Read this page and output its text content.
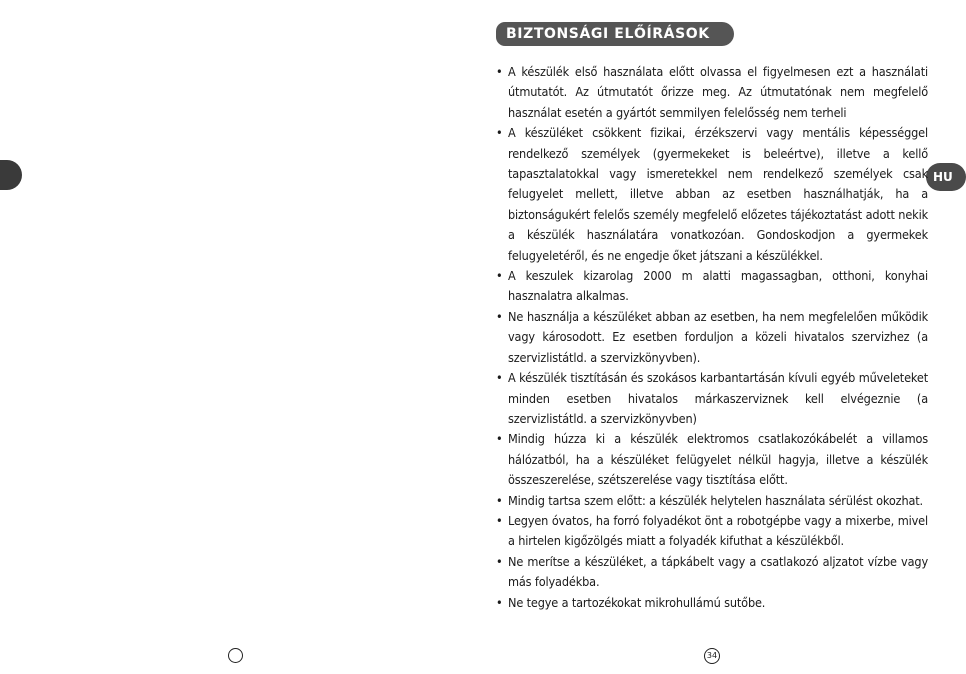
BIZTONSÁGI ELŐÍRÁSOK
HU
• A készülék első használata előtt olvassa el figyelmesen ezt a használati útmutatót. Az útmutatót őrizze meg. Az útmutatónak nem megfelelő használat esetén a gyártót semmilyen felelősség nem terheli
• A készüléket csökkent fizikai, érzékszervi vagy mentális képességgel rendelkező személyek (gyermekeket is beleértve), illetve a kellő tapasztalatokkal vagy ismeretekkel nem rendelkező személyek csak felugyelet mellett, illetve abban az esetben használhatják, ha a biztonságukért felelős személy megfelelő előzetes tájékoztatást adott nekik a készülék használatára vonatkozóan. Gondoskodjon a gyermekek felugyeletéről, és ne engedje őket játszani a készülékkel.
• A keszulek kizarolag 2000 m alatti magassagban, otthoni, konyhai hasznalatra alkalmas.
• Ne használja a készüléket abban az esetben, ha nem megfelelően működik vagy károsodott. Ez esetben forduljon a közeli hivatalos szervizhez (a szervizlistátld. a szervizkönyvben).
• A készülék tisztításán és szokásos karbantartásán kívuli egyéb műveleteket minden esetben hivatalos márkaszerviznek kell elvégeznie (a szervizlistátld. a szervizkönyvben)
• Mindig húzza ki a készülék elektromos csatlakozókábelét a villamos hálózatból, ha a készüléket felügyelet nélkül hagyja, illetve a készülék összeszerelése, szétszerelése vagy tisztítása előtt.
• Mindig tartsa szem előtt: a készülék helytelen használata sérülést okozhat.
• Legyen óvatos, ha forró folyadékot önt a robotgépbe vagy a mixerbe, mivel a hirtelen kigőzölgés miatt a folyadék kifuthat a készülékből.
• Ne merítse a készüléket, a tápkábelt vagy a csatlakozó aljzatot vízbe vagy más folyadékba.
• Ne tegye a tartozékokat mikrohullámú sutőbe.
34
